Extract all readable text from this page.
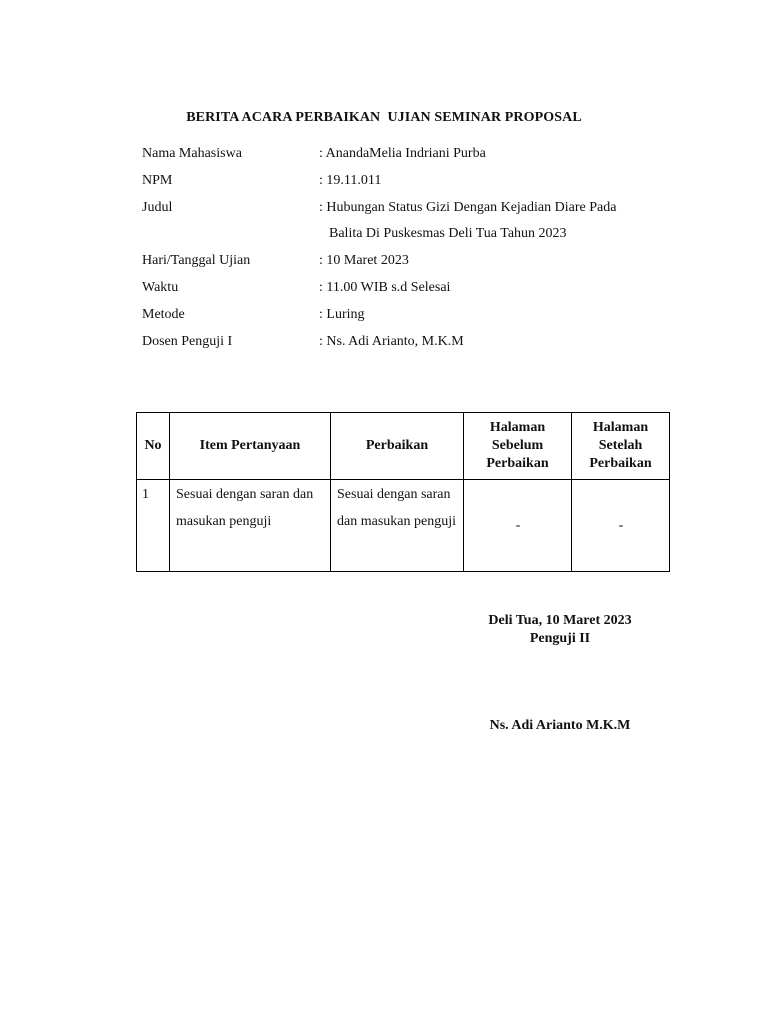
BERITA ACARA PERBAIKAN  UJIAN SEMINAR PROPOSAL
Nama Mahasiswa	: AnandaMelia Indriani Purba
NPM	: 19.11.011
Judul	: Hubungan Status Gizi Dengan Kejadian Diare Pada
Balita Di Puskesmas Deli Tua Tahun 2023
Hari/Tanggal Ujian	: 10 Maret 2023
Waktu	: 11.00 WIB s.d Selesai
Metode	: Luring
Dosen Penguji I	: Ns. Adi Arianto, M.K.M
No	Item Pertanyaan	Perbaikan	Halaman Sebelum Perbaikan	Halaman Setelah Perbaikan
1	Sesuai dengan saran dan masukan penguji	Sesuai dengan saran dan masukan penguji	-	-
Deli Tua, 10 Maret 2023
Penguji II
Ns. Adi Arianto M.K.M
